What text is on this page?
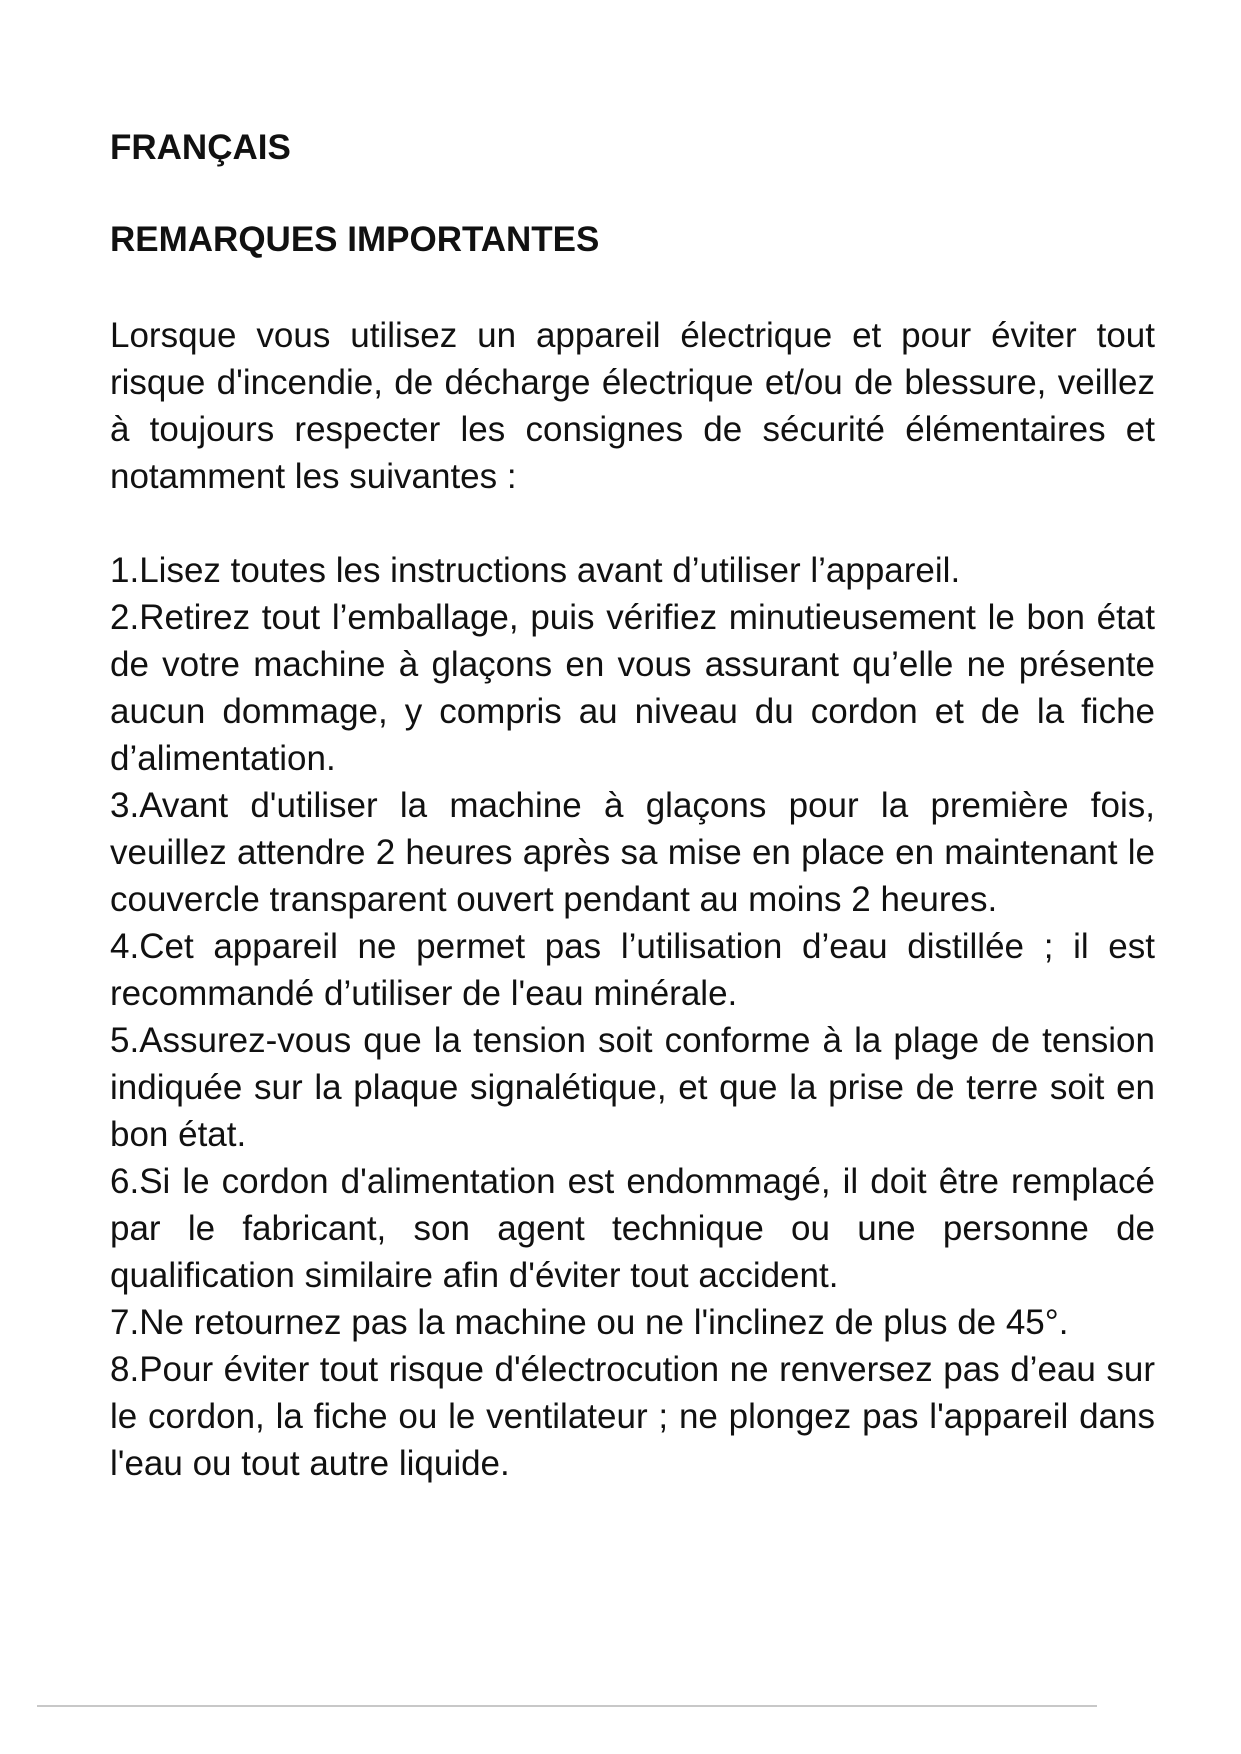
FRANÇAIS
REMARQUES IMPORTANTES

Lorsque vous utilisez un appareil électrique et pour éviter tout risque d'incendie, de décharge électrique et/ou de blessure, veillez à toujours respecter les consignes de sécurité élémentaires et notamment les suivantes :

1.Lisez toutes les instructions avant d’utiliser l’appareil.
2.Retirez tout l’emballage, puis vérifiez minutieusement le bon état de votre machine à glaçons en vous assurant qu’elle ne présente aucun dommage, y compris au niveau du cordon et de la fiche d’alimentation.
3.Avant d'utiliser la machine à glaçons pour la première fois, veuillez attendre 2 heures après sa mise en place en maintenant le couvercle transparent ouvert pendant au moins 2 heures.
4.Cet appareil ne permet pas l’utilisation d’eau distillée ; il est recommandé d’utiliser de l'eau minérale.
5.Assurez-vous que la tension soit conforme à la plage de tension indiquée sur la plaque signalétique, et que la prise de terre soit en bon état.
6.Si le cordon d'alimentation est endommagé, il doit être remplacé par le fabricant, son agent technique ou une personne de qualification similaire afin d'éviter tout accident.
7.Ne retournez pas la machine ou ne l'inclinez de plus de 45°.
8.Pour éviter tout risque d'électrocution ne renversez pas d’eau sur le cordon, la fiche ou le ventilateur ; ne plongez pas l'appareil dans l'eau ou tout autre liquide.
